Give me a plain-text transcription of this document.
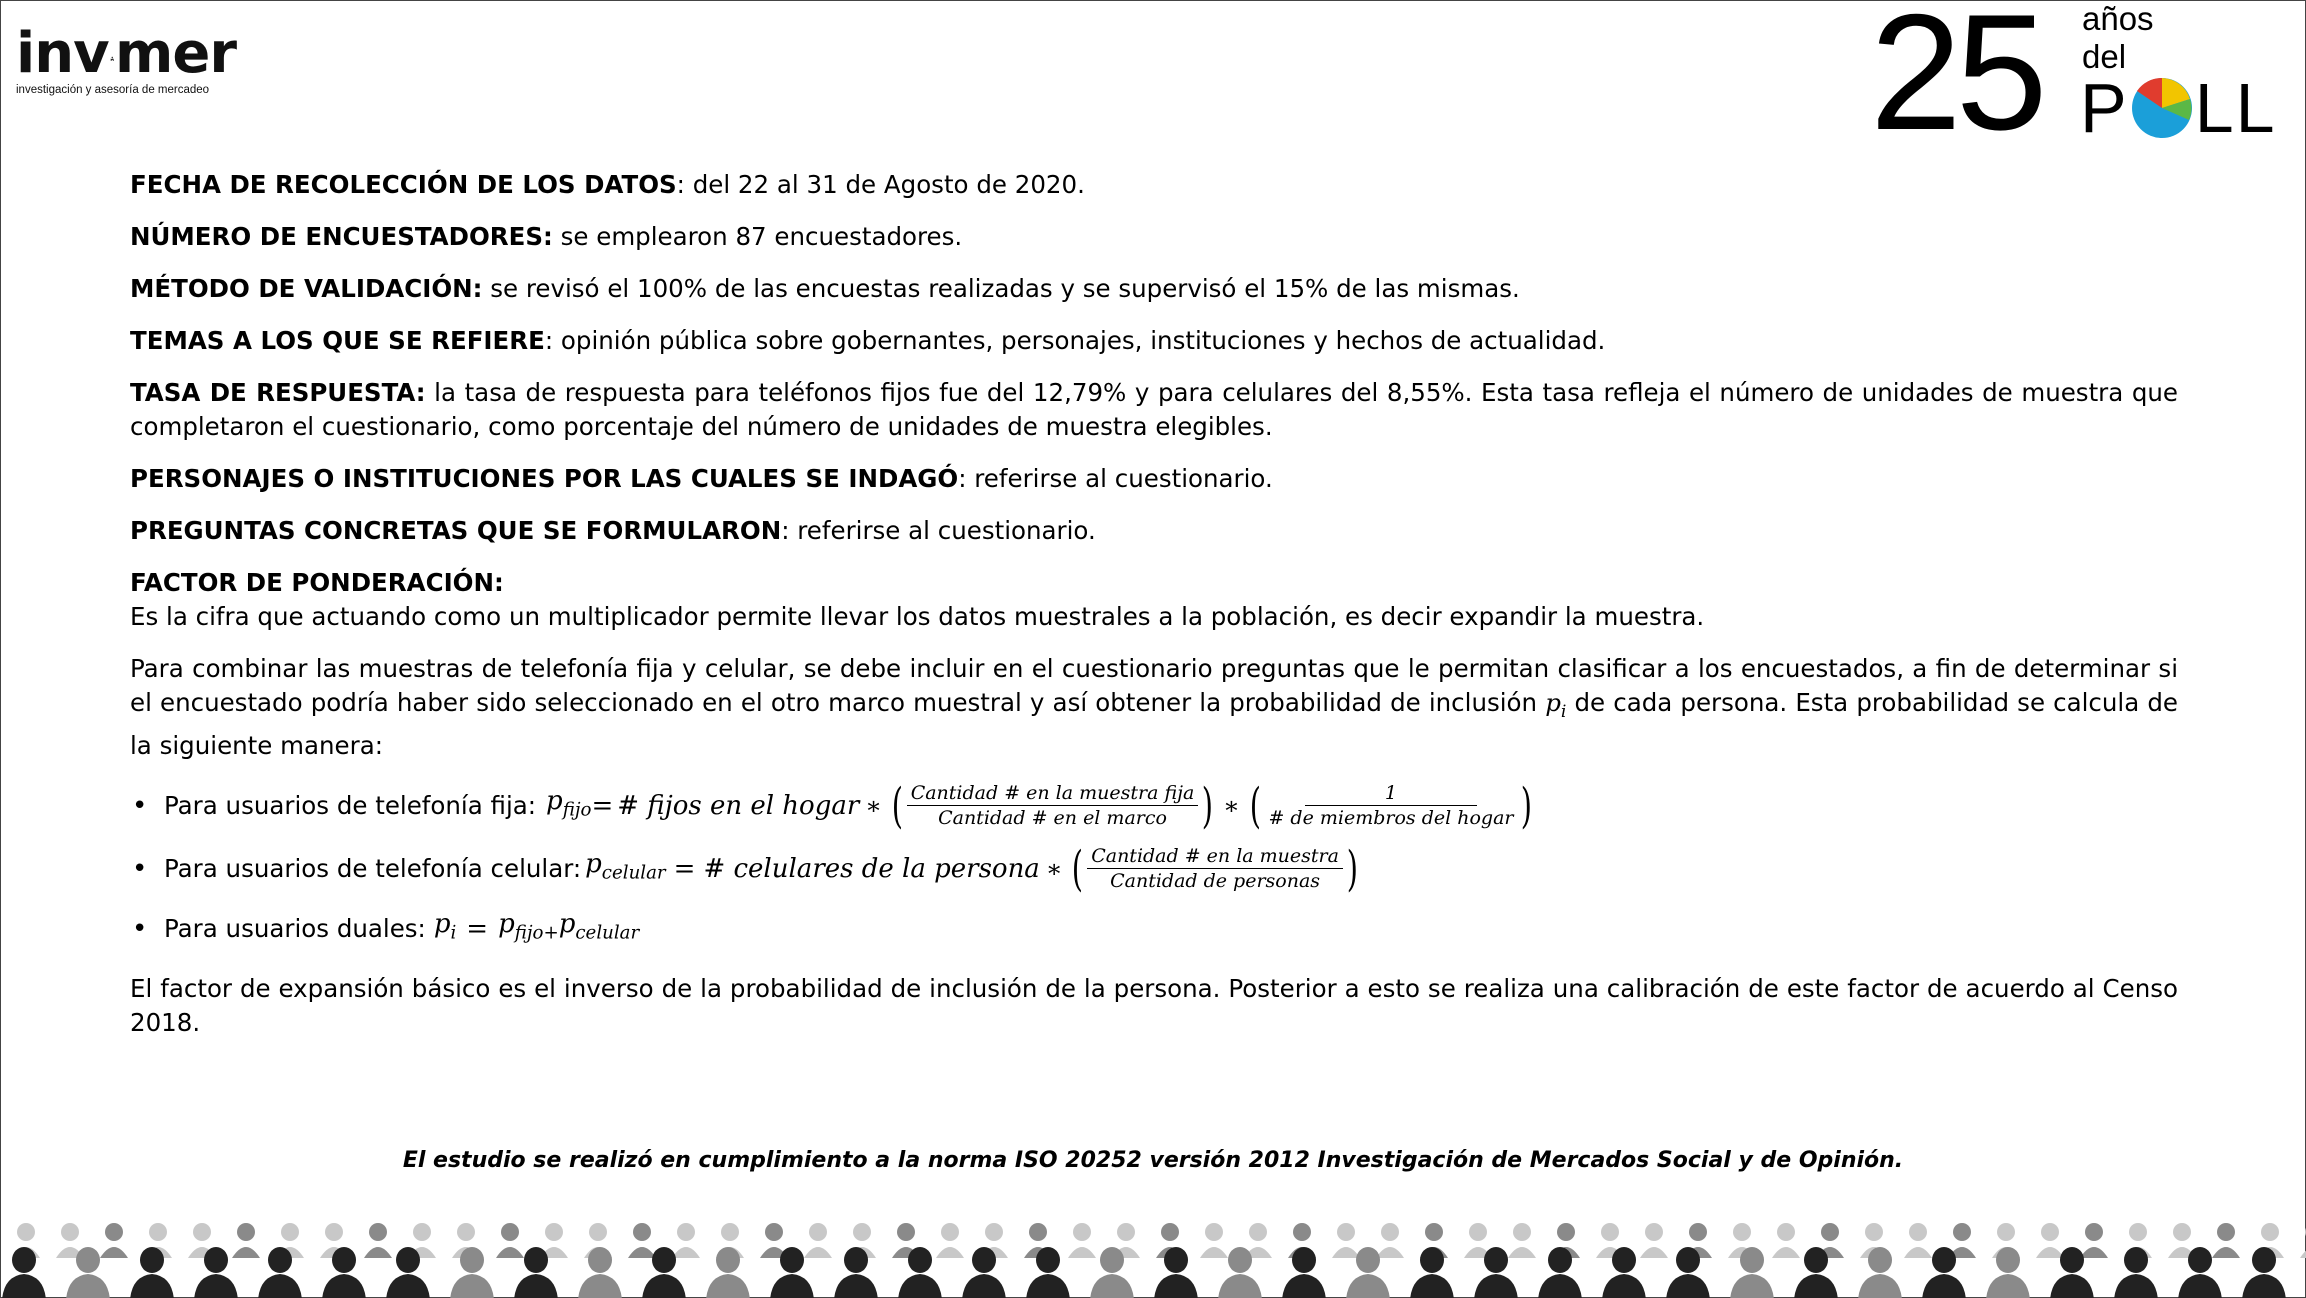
inv mer
investigación y asesoría de mercadeo	25 años
del
P LL

FECHA DE RECOLECCIÓN DE LOS DATOS: del 22 al 31 de Agosto de 2020.

NÚMERO DE ENCUESTADORES: se emplearon 87 encuestadores.

MÉTODO DE VALIDACIÓN: se revisó el 100% de las encuestas realizadas y se supervisó el 15% de las mismas.

TEMAS A LOS QUE SE REFIERE: opinión pública sobre gobernantes, personajes, instituciones y hechos de actualidad.

TASA DE RESPUESTA: la tasa de respuesta para teléfonos fijos fue del 12,79% y para celulares del 8,55%. Esta tasa refleja el número de unidades de muestra que completaron el cuestionario, como porcentaje del número de unidades de muestra elegibles.

PERSONAJES O INSTITUCIONES POR LAS CUALES SE INDAGÓ: referirse al cuestionario.

PREGUNTAS CONCRETAS QUE SE FORMULARON: referirse al cuestionario.

FACTOR DE PONDERACIÓN:

Es la cifra que actuando como un multiplicador permite llevar los datos muestrales a la población, es decir expandir la muestra.

Para combinar las muestras de telefonía fija y celular, se debe incluir en el cuestionario preguntas que le permitan clasificar a los encuestados, a fin de determinar si el encuestado podría haber sido seleccionado en el otro marco muestral y así obtener la probabilidad de inclusión $p_i$ de cada persona. Esta probabilidad se calcula de la siguiente manera:

• Para usuarios de telefonía fija: $p_{fijo}$ = # fijos en el hogar ∗ ( $\frac{\text{Cantidad \# en la muestra fija}}{\text{Cantidad \# en el marco}}$ ) ∗ ( $\frac{1}{\text{\# de miembros del hogar}}$ )
• Para usuarios de telefonía celular: $p_{celular}$ = # celulares de la persona ∗ ( $\frac{\text{Cantidad \# en la muestra}}{\text{Cantidad de personas}}$ )
• Para usuarios duales: $p_i = p_{fijo+}$ $p_{celular}$

El factor de expansión básico es el inverso de la probabilidad de inclusión de la persona. Posterior a esto se realiza una calibración de este factor de acuerdo al Censo 2018.

El estudio se realizó en cumplimiento a la norma ISO 20252 versión 2012 Investigación de Mercados Social y de Opinión.
